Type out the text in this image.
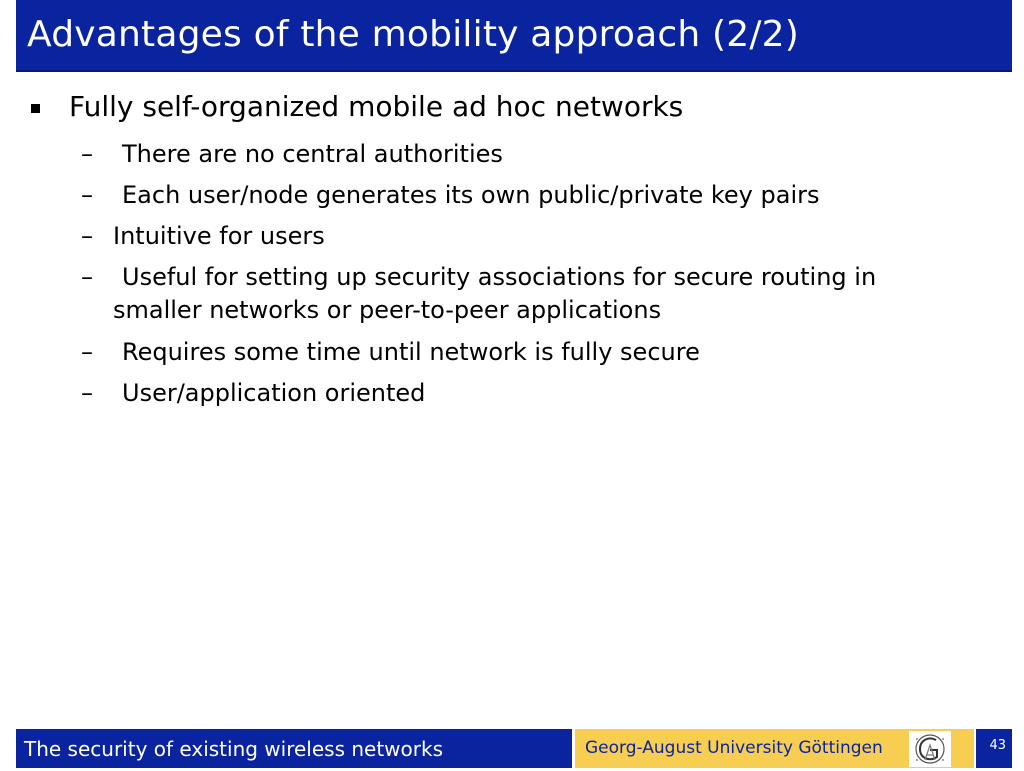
Advantages of the mobility approach (2/2)
Fully self-organized mobile ad hoc networks
– There are no central authorities
– Each user/node generates its own public/private key pairs
– Intuitive for users
– Useful for setting up security associations for secure routing in
smaller networks or peer-to-peer applications
– Requires some time until network is fully secure
– User/application oriented
The security of existing wireless networks	Georg-August University Göttingen	43
